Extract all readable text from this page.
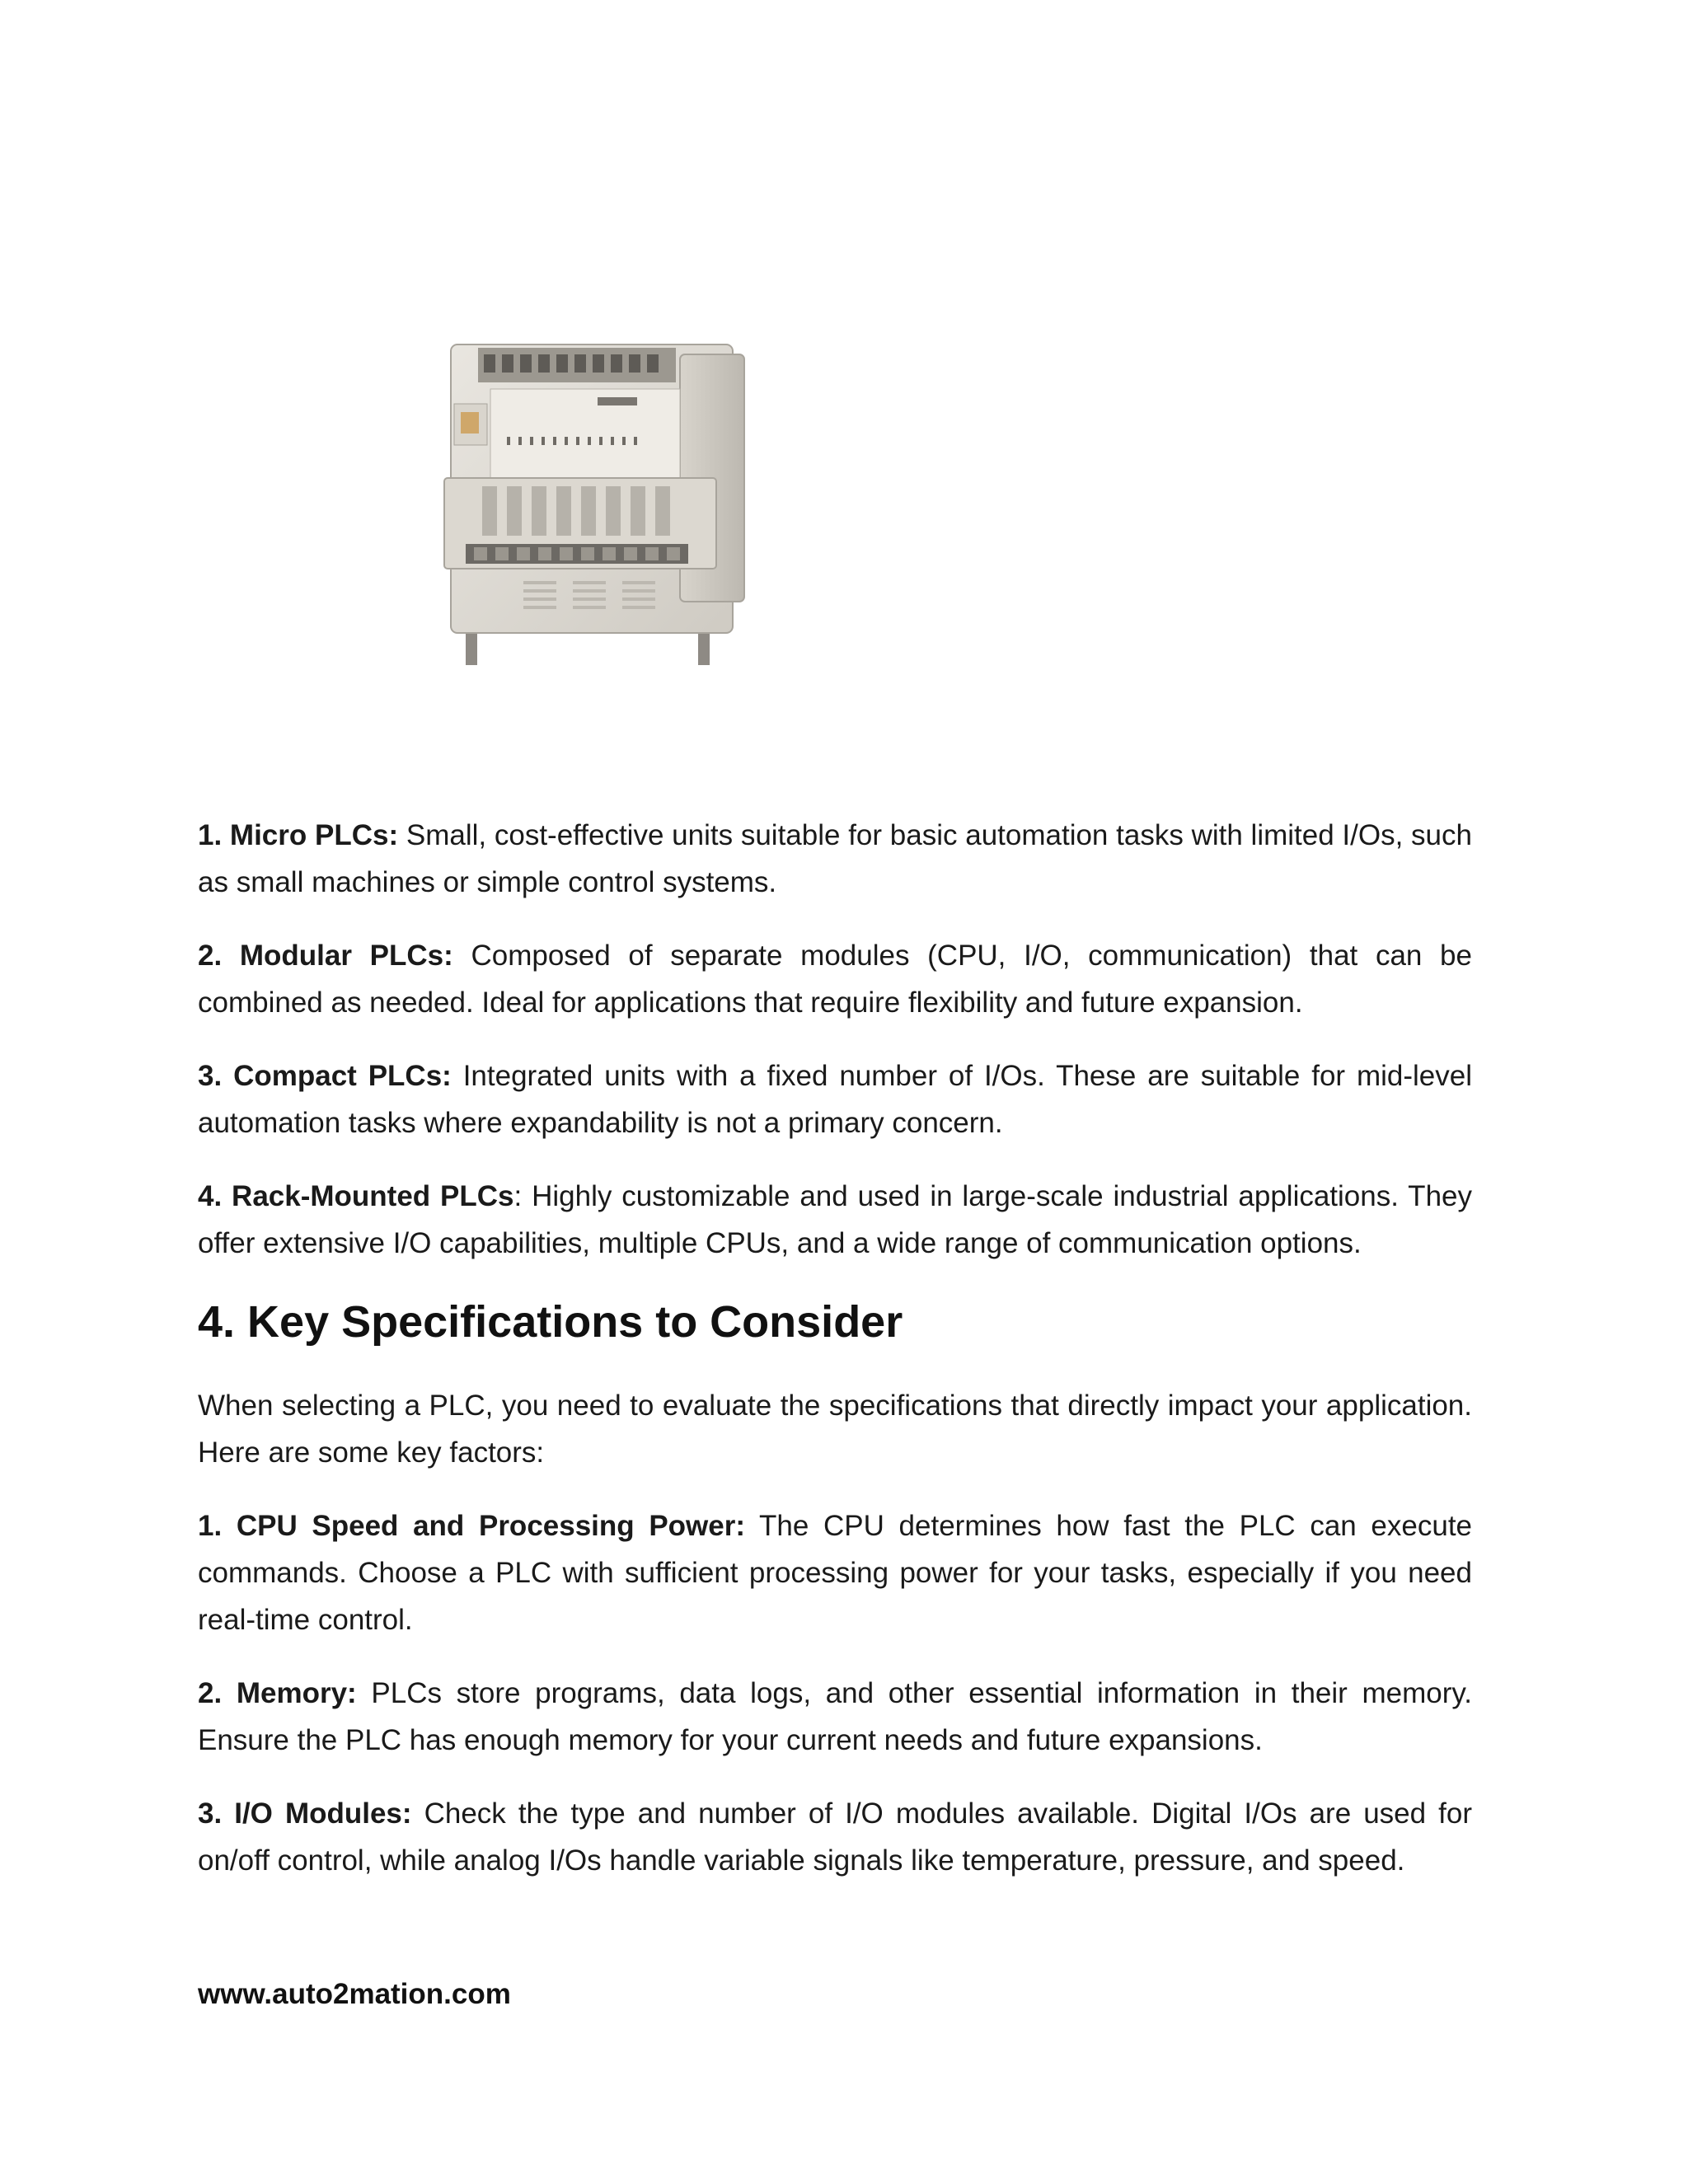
1. Micro PLCs: Small, cost-effective units suitable for basic automation tasks with limited I/Os, such as small machines or simple control systems.

2. Modular PLCs: Composed of separate modules (CPU, I/O, communication) that can be combined as needed. Ideal for applications that require flexibility and future expansion.

3. Compact PLCs: Integrated units with a fixed number of I/Os. These are suitable for mid-level automation tasks where expandability is not a primary concern.

4. Rack-Mounted PLCs: Highly customizable and used in large-scale industrial applications. They offer extensive I/O capabilities, multiple CPUs, and a wide range of communication options.

4. Key Specifications to Consider

When selecting a PLC, you need to evaluate the specifications that directly impact your application. Here are some key factors:

1. CPU Speed and Processing Power: The CPU determines how fast the PLC can execute commands. Choose a PLC with sufficient processing power for your tasks, especially if you need real-time control.

2. Memory: PLCs store programs, data logs, and other essential information in their memory. Ensure the PLC has enough memory for your current needs and future expansions.

3. I/O Modules: Check the type and number of I/O modules available. Digital I/Os are used for on/off control, while analog I/Os handle variable signals like temperature, pressure, and speed.

www.auto2mation.com
